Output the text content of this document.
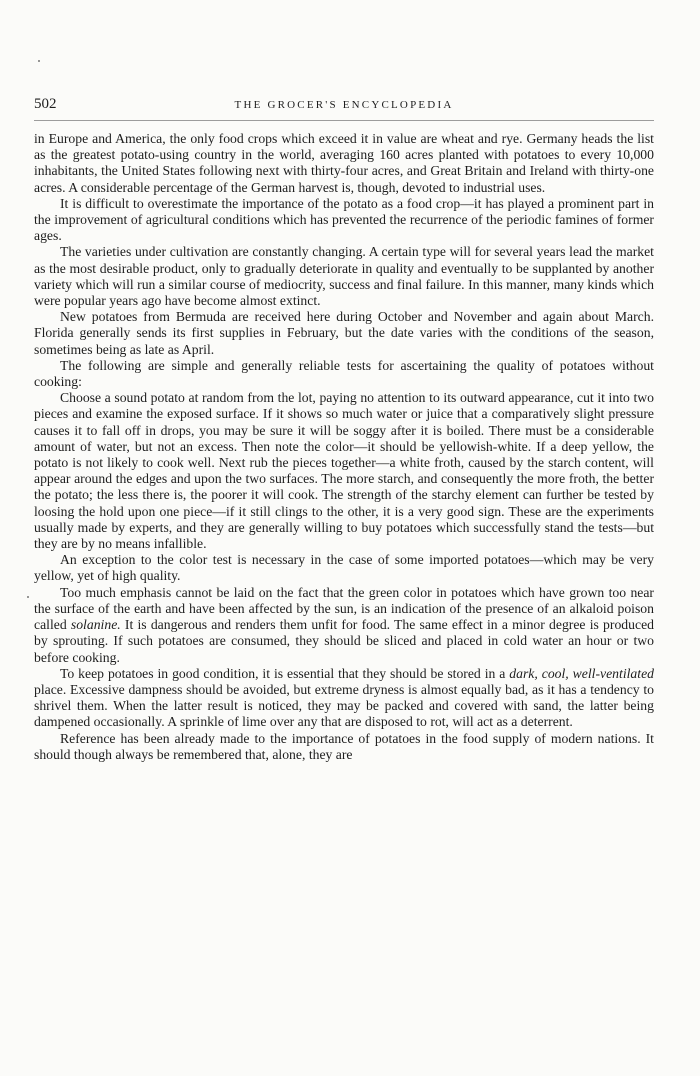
502	THE GROCER'S ENCYCLOPEDIA

in Europe and America, the only food crops which exceed it in value are wheat and rye. Germany heads the list as the greatest potato-using country in the world, averaging 160 acres planted with potatoes to every 10,000 inhabitants, the United States following next with thirty-four acres, and Great Britain and Ireland with thirty-one acres. A considerable percentage of the German harvest is, though, devoted to industrial uses.

It is difficult to overestimate the importance of the potato as a food crop—it has played a prominent part in the improvement of agricultural conditions which has prevented the recurrence of the periodic famines of former ages.

The varieties under cultivation are constantly changing. A certain type will for several years lead the market as the most desirable product, only to gradually deteriorate in quality and eventually to be supplanted by another variety which will run a similar course of mediocrity, success and final failure. In this manner, many kinds which were popular years ago have become almost extinct.

New potatoes from Bermuda are received here during October and November and again about March. Florida generally sends its first supplies in February, but the date varies with the conditions of the season, sometimes being as late as April.

The following are simple and generally reliable tests for ascertaining the quality of potatoes without cooking:

Choose a sound potato at random from the lot, paying no attention to its outward appearance, cut it into two pieces and examine the exposed surface. If it shows so much water or juice that a comparatively slight pressure causes it to fall off in drops, you may be sure it will be soggy after it is boiled. There must be a considerable amount of water, but not an excess. Then note the color—it should be yellowish-white. If a deep yellow, the potato is not likely to cook well. Next rub the pieces together—a white froth, caused by the starch content, will appear around the edges and upon the two surfaces. The more starch, and consequently the more froth, the better the potato; the less there is, the poorer it will cook. The strength of the starchy element can further be tested by loosing the hold upon one piece—if it still clings to the other, it is a very good sign. These are the experiments usually made by experts, and they are generally willing to buy potatoes which successfully stand the tests—but they are by no means infallible.

An exception to the color test is necessary in the case of some imported potatoes—which may be very yellow, yet of high quality.

Too much emphasis cannot be laid on the fact that the green color in potatoes which have grown too near the surface of the earth and have been affected by the sun, is an indication of the presence of an alkaloid poison called solanine. It is dangerous and renders them unfit for food. The same effect in a minor degree is produced by sprouting. If such potatoes are consumed, they should be sliced and placed in cold water an hour or two before cooking.

To keep potatoes in good condition, it is essential that they should be stored in a dark, cool, well-ventilated place. Excessive dampness should be avoided, but extreme dryness is almost equally bad, as it has a tendency to shrivel them. When the latter result is noticed, they may be packed and covered with sand, the latter being dampened occasionally. A sprinkle of lime over any that are disposed to rot, will act as a deterrent.

Reference has been already made to the importance of potatoes in the food supply of modern nations. It should though always be remembered that, alone, they are
